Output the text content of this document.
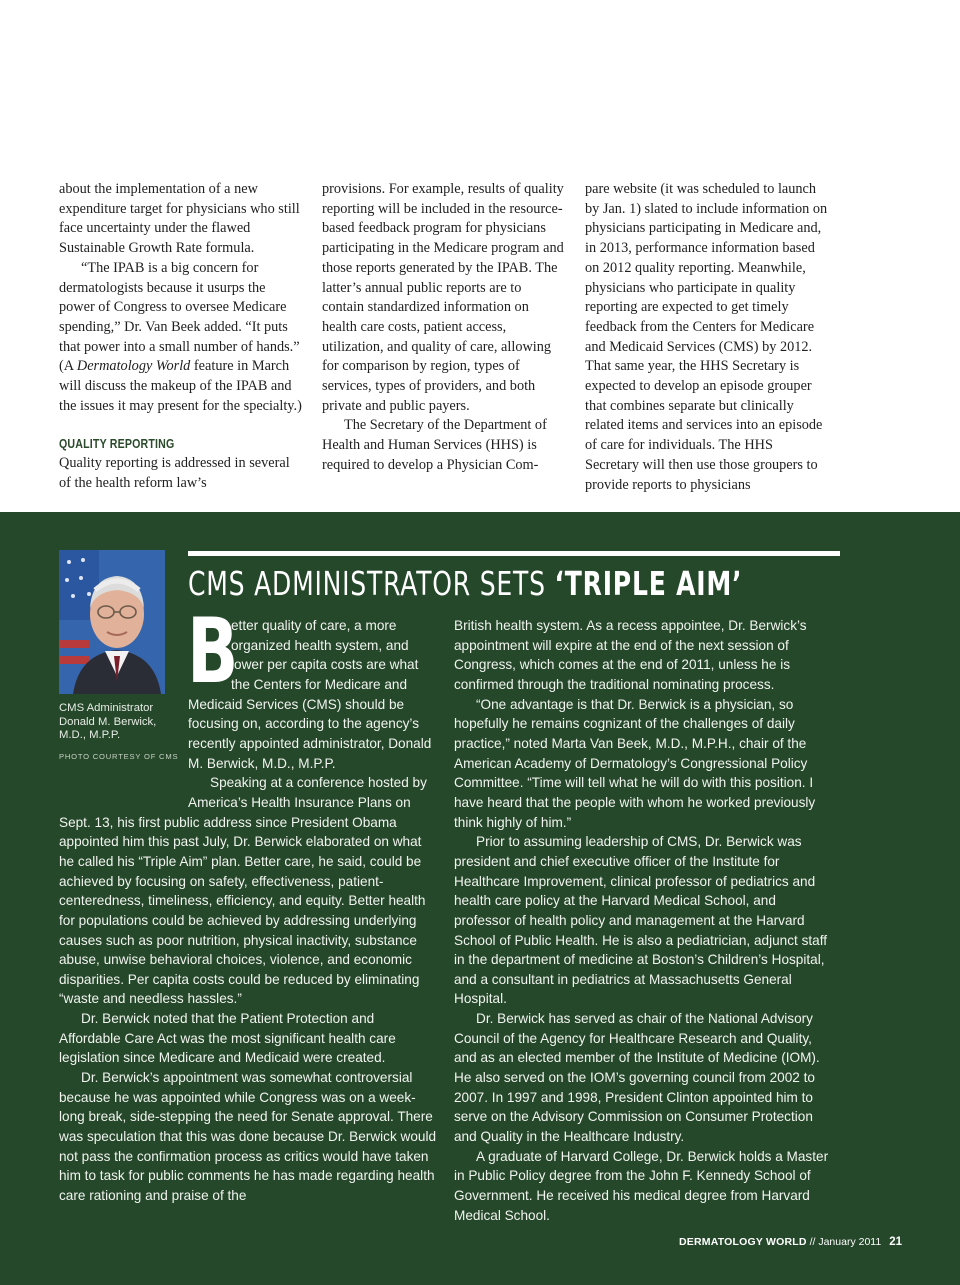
about the implementation of a new expenditure target for physicians who still face uncertainty under the flawed Sustainable Growth Rate formula.

“The IPAB is a big concern for dermatologists because it usurps the power of Congress to oversee Medicare spending,” Dr. Van Beek added. “It puts that power into a small number of hands.” (A Dermatology World feature in March will discuss the makeup of the IPAB and the issues it may present for the specialty.)

QUALITY REPORTING

Quality reporting is addressed in several of the health reform law’s

provisions. For example, results of quality reporting will be included in the resource-based feedback program for physicians participating in the Medicare program and those reports generated by the IPAB. The latter’s annual public reports are to contain standardized information on health care costs, patient access, utilization, and quality of care, allowing for comparison by region, types of services, types of providers, and both private and public payers.

The Secretary of the Department of Health and Human Services (HHS) is required to develop a Physician Com-

pare website (it was scheduled to launch by Jan. 1) slated to include information on physicians participating in Medicare and, in 2013, performance information based on 2012 quality reporting. Meanwhile, physicians who participate in quality reporting are expected to get timely feedback from the Centers for Medicare and Medicaid Services (CMS) by 2012. That same year, the HHS Secretary is expected to develop an episode grouper that combines separate but clinically related items and services into an episode of care for individuals. The HHS Secretary will then use those groupers to provide reports to physicians

CMS Administrator
Donald M. Berwick,
M.D., M.P.P.
PHOTO COURTESY OF CMS
CMS ADMINISTRATOR SETS ‘TRIPLE AIM’

B
etter quality of care, a more organized health system, and lower per capita costs are what the Centers for Medicare and Medicaid Services (CMS) should be focusing on, according to the agency’s recently appointed administrator, Donald M. Berwick, M.D., M.P.P.

Speaking at a conference hosted by America’s Health Insurance Plans on Sept. 13, his first public address since President Obama appointed him this past July, Dr. Berwick elaborated on what he called his “Triple Aim” plan. Better care, he said, could be achieved by focusing on safety, effectiveness, patient-centeredness, timeliness, efficiency, and equity. Better health for populations could be achieved by addressing underlying causes such as poor nutrition, physical inactivity, substance abuse, unwise behavioral choices, violence, and economic disparities. Per capita costs could be reduced by eliminating “waste and needless hassles.”

Dr. Berwick noted that the Patient Protection and Affordable Care Act was the most significant health care legislation since Medicare and Medicaid were created.

Dr. Berwick’s appointment was somewhat controversial because he was appointed while Congress was on a week-long break, side-stepping the need for Senate approval. There was speculation that this was done because Dr. Berwick would not pass the confirmation process as critics would have taken him to task for public comments he has made regarding health care rationing and praise of the

British health system. As a recess appointee, Dr. Berwick’s appointment will expire at the end of the next session of Congress, which comes at the end of 2011, unless he is confirmed through the traditional nominating process.

“One advantage is that Dr. Berwick is a physician, so hopefully he remains cognizant of the challenges of daily practice,” noted Marta Van Beek, M.D., M.P.H., chair of the American Academy of Dermatology’s Congressional Policy Committee. “Time will tell what he will do with this position. I have heard that the people with whom he worked previously think highly of him.”

Prior to assuming leadership of CMS, Dr. Berwick was president and chief executive officer of the Institute for Healthcare Improvement, clinical professor of pediatrics and health care policy at the Harvard Medical School, and professor of health policy and management at the Harvard School of Public Health. He is also a pediatrician, adjunct staff in the department of medicine at Boston’s Children’s Hospital, and a consultant in pediatrics at Massachusetts General Hospital.

Dr. Berwick has served as chair of the National Advisory Council of the Agency for Healthcare Research and Quality, and as an elected member of the Institute of Medicine (IOM). He also served on the IOM’s governing council from 2002 to 2007. In 1997 and 1998, President Clinton appointed him to serve on the Advisory Commission on Consumer Protection and Quality in the Healthcare Industry.

A graduate of Harvard College, Dr. Berwick holds a Master in Public Policy degree from the John F. Kennedy School of Government. He received his medical degree from Harvard Medical School.

DERMATOLOGY WORLD // January 2011 21
